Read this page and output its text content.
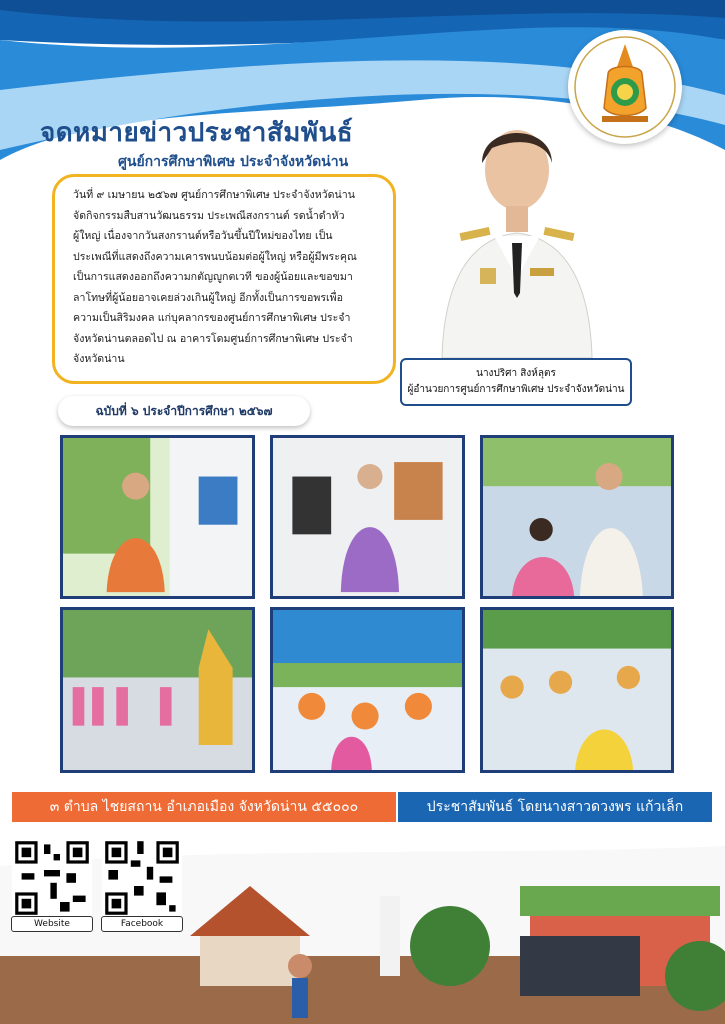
จดหมายข่าวประชาสัมพันธ์
ศูนย์การศึกษาพิเศษ ประจำจังหวัดน่าน
วันที่ ๙ เมษายน ๒๕๖๗ ศูนย์การศึกษาพิเศษ ประจำจังหวัดน่าน
จัดกิจกรรมสืบสานวัฒนธรรม ประเพณีสงกรานต์ รดน้ำดำหัว
ผู้ใหญ่ เนื่องจากวันสงกรานต์หรือวันขึ้นปีใหม่ของไทย เป็น
ประเพณีที่แสดงถึงความเคารพนบน้อมต่อผู้ใหญ่ หรือผู้มีพระคุณ
เป็นการแสดงออกถึงความกตัญญูกตเวที ของผู้น้อยและขอขมา
ลาโทษที่ผู้น้อยอาจเคยล่วงเกินผู้ใหญ่ อีกทั้งเป็นการขอพรเพื่อ
ความเป็นสิริมงคล แก่บุคลากรของศูนย์การศึกษาพิเศษ ประจำ
จังหวัดน่านตลอดไป ณ อาคารโดมศูนย์การศึกษาพิเศษ ประจำ
จังหวัดน่าน
นางปริศา สิงห์ลุตร
ผู้อำนวยการศูนย์การศึกษาพิเศษ ประจำจังหวัดน่าน
ฉบับที่ ๖ ประจำปีการศึกษา ๒๕๖๗
๓ ตำบล ไชยสถาน อำเภอเมือง จังหวัดน่าน ๕๕๐๐๐	ประชาสัมพันธ์ โดยนางสาวดวงพร แก้วเล็ก
Website	Facebook
